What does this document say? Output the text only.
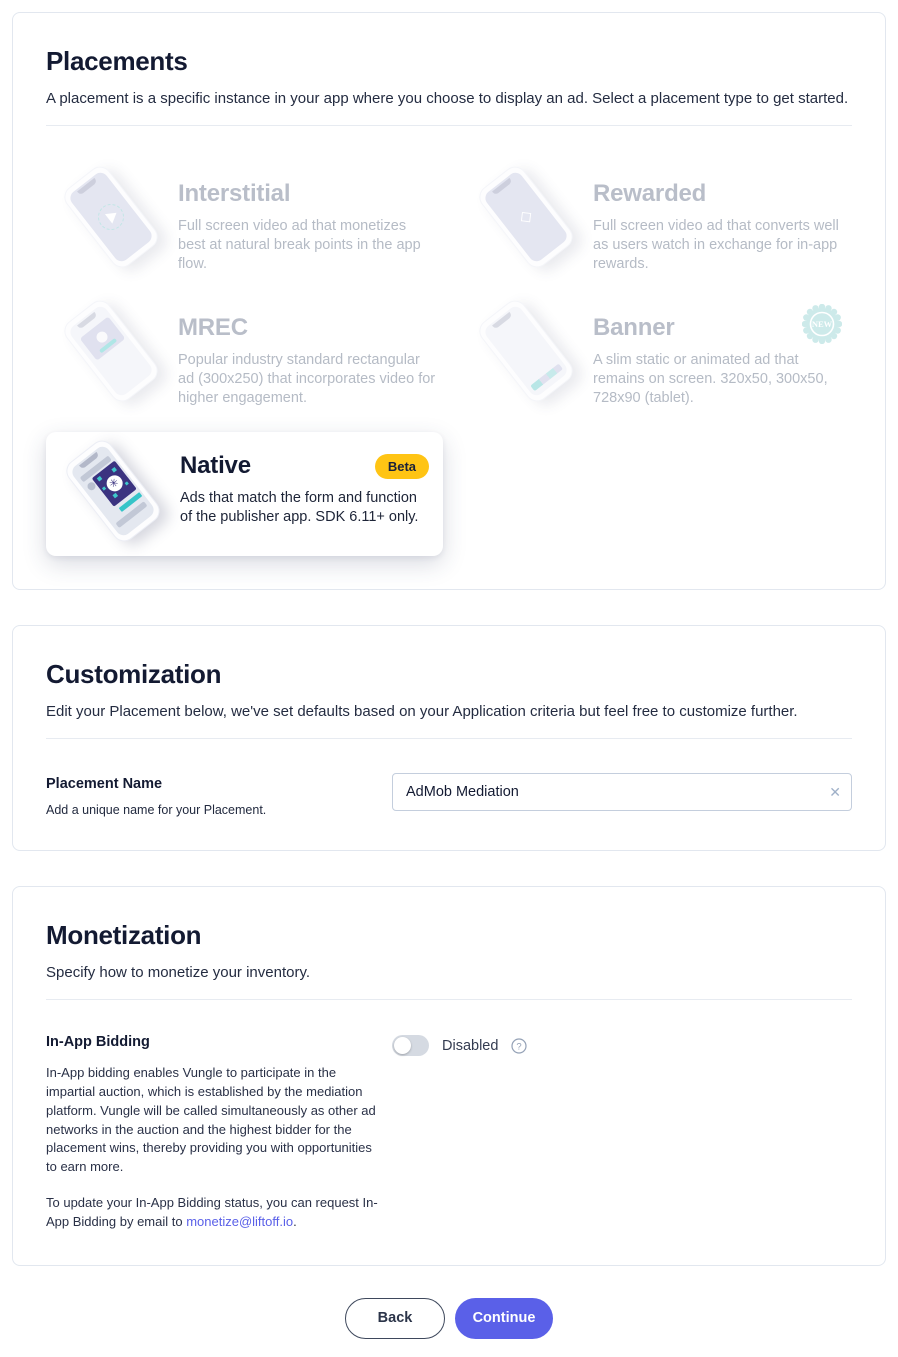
Placements

A placement is a specific instance in your app where you choose to display an ad. Select a placement type to get started.

Interstitial
Full screen video ad that monetizes best at natural break points in the app flow.
◇
Rewarded
Full screen video ad that converts well as users watch in exchange for in-app rewards.
MREC
Popular industry standard rectangular ad (300x250) that incorporates video for higher engagement.
Banner
A slim static or animated ad that remains on screen. 320x50, 300x50, 728x90 (tablet).
NEW
✳
Native	Beta
Ads that match the form and function of the publisher app. SDK 6.11+ only.
Customization

Edit your Placement below, we've set defaults based on your Application criteria but feel free to customize further.

Placement Name
Add a unique name for your Placement.
AdMob Mediation
✕
Monetization

Specify how to monetize your inventory.

In-App Bidding

In-App bidding enables Vungle to participate in the impartial auction, which is established by the mediation platform. Vungle will be called simultaneously as other ad networks in the auction and the highest bidder for the placement wins, thereby providing you with opportunities to earn more.

To update your In-App Bidding status, you can request In-App Bidding by email to monetize@liftoff.io.

Disabled ?
Back	Continue
